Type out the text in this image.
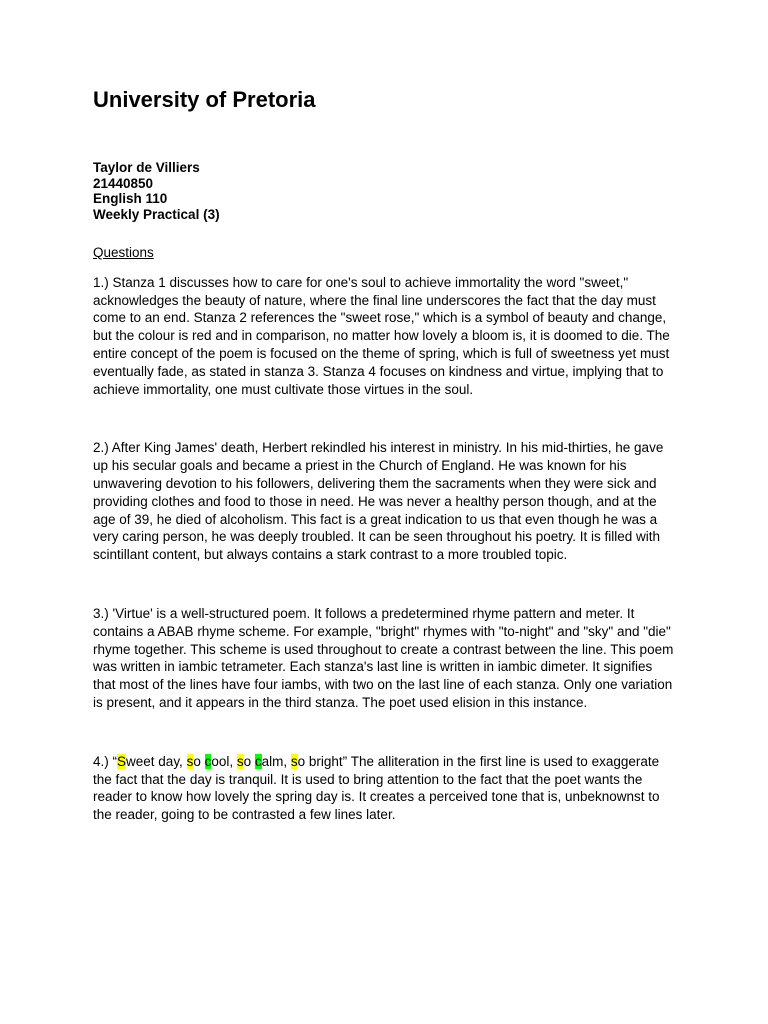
University of Pretoria
Taylor de Villiers
21440850
English 110
Weekly Practical (3)
Questions

1.) Stanza 1 discusses how to care for one's soul to achieve immortality the word "sweet," acknowledges the beauty of nature, where the final line underscores the fact that the day must come to an end. Stanza 2 references the "sweet rose," which is a symbol of beauty and change, but the colour is red and in comparison, no matter how lovely a bloom is, it is doomed to die. The entire concept of the poem is focused on the theme of spring, which is full of sweetness yet must eventually fade, as stated in stanza 3. Stanza 4 focuses on kindness and virtue, implying that to achieve immortality, one must cultivate those virtues in the soul.

2.) After King James' death, Herbert rekindled his interest in ministry. In his mid-thirties, he gave up his secular goals and became a priest in the Church of England. He was known for his unwavering devotion to his followers, delivering them the sacraments when they were sick and providing clothes and food to those in need. He was never a healthy person though, and at the age of 39, he died of alcoholism. This fact is a great indication to us that even though he was a very caring person, he was deeply troubled. It can be seen throughout his poetry. It is filled with scintillant content, but always contains a stark contrast to a more troubled topic.

3.) 'Virtue' is a well-structured poem. It follows a predetermined rhyme pattern and meter. It contains a ABAB rhyme scheme. For example, "bright" rhymes with "to-night" and "sky" and "die" rhyme together. This scheme is used throughout to create a contrast between the line. This poem was written in iambic tetrameter. Each stanza's last line is written in iambic dimeter. It signifies that most of the lines have four iambs, with two on the last line of each stanza. Only one variation is present, and it appears in the third stanza. The poet used elision in this instance.

4.) “Sweet day, so cool, so calm, so bright” The alliteration in the first line is used to exaggerate the fact that the day is tranquil. It is used to bring attention to the fact that the poet wants the reader to know how lovely the spring day is. It creates a perceived tone that is, unbeknownst to the reader, going to be contrasted a few lines later.
